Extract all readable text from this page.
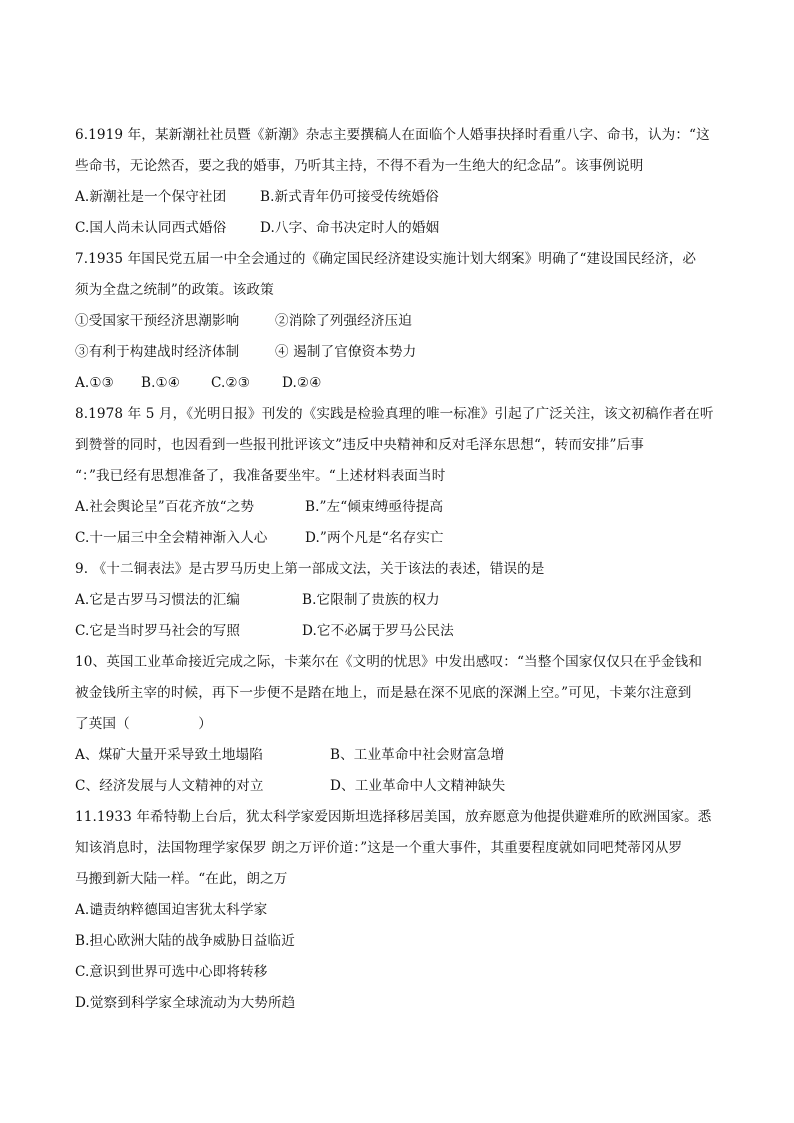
6.1919 年，某新潮社社员暨《新潮》杂志主要撰稿人在面临个人婚事抉择时看重八字、命书，认为：“这
些命书，无论然否，要之我的婚事，乃听其主持，不得不看为一生绝大的纪念品”。该事例说明
A.新潮社是一个保守社团	B.新式青年仍可接受传统婚俗
C.国人尚未认同西式婚俗	D.八字、命书决定时人的婚姻
7.1935 年国民党五届一中全会通过的《确定国民经济建设实施计划大纲案》明确了“建设国民经济，必
须为全盘之统制”的政策。该政策
①受国家干预经济思潮影响	②消除了列强经济压迫
③有利于构建战时经济体制	④ 遏制了官僚资本势力
A.①③	B.①④	C.②③	D.②④
8.1978 年 5 月，《光明日报》刊发的《实践是检验真理的唯一标准》引起了广泛关注，该文初稿作者在听
到赞誉的同时，也因看到一些报刊批评该文”违反中央精神和反对毛泽东思想“，转而安排”后事
“：”我已经有思想准备了，我准备要坐牢。“上述材料表面当时
A.社会舆论呈”百花齐放“之势	B.”左“倾束缚亟待提高
C.十一届三中全会精神渐入人心	D.”两个凡是“名存实亡
9. 《十二铜表法》是古罗马历史上第一部成文法，关于该法的表述，错误的是
A.它是古罗马习惯法的汇编	B.它限制了贵族的权力
C.它是当时罗马社会的写照	D.它不必属于罗马公民法
10、英国工业革命接近完成之际，卡莱尔在《文明的忧思》中发出感叹：“当整个国家仅仅只在乎金钱和
被金钱所主宰的时候，再下一步便不是踏在地上，而是悬在深不见底的深渊上空。”可见，卡莱尔注意到
了英国（　　　　　）
A、煤矿大量开采导致土地塌陷	B、工业革命中社会财富急增
C、经济发展与人文精神的对立	D、工业革命中人文精神缺失
11.1933 年希特勒上台后，犹太科学家爱因斯坦选择移居美国，放弃愿意为他提供避难所的欧洲国家。悉
知该消息时，法国物理学家保罗 朗之万评价道：”这是一个重大事件，其重要程度就如同吧梵蒂冈从罗
马搬到新大陆一样。“在此，朗之万
A.谴责纳粹德国迫害犹太科学家
B.担心欧洲大陆的战争威胁日益临近
C.意识到世界可选中心即将转移
D.觉察到科学家全球流动为大势所趋
